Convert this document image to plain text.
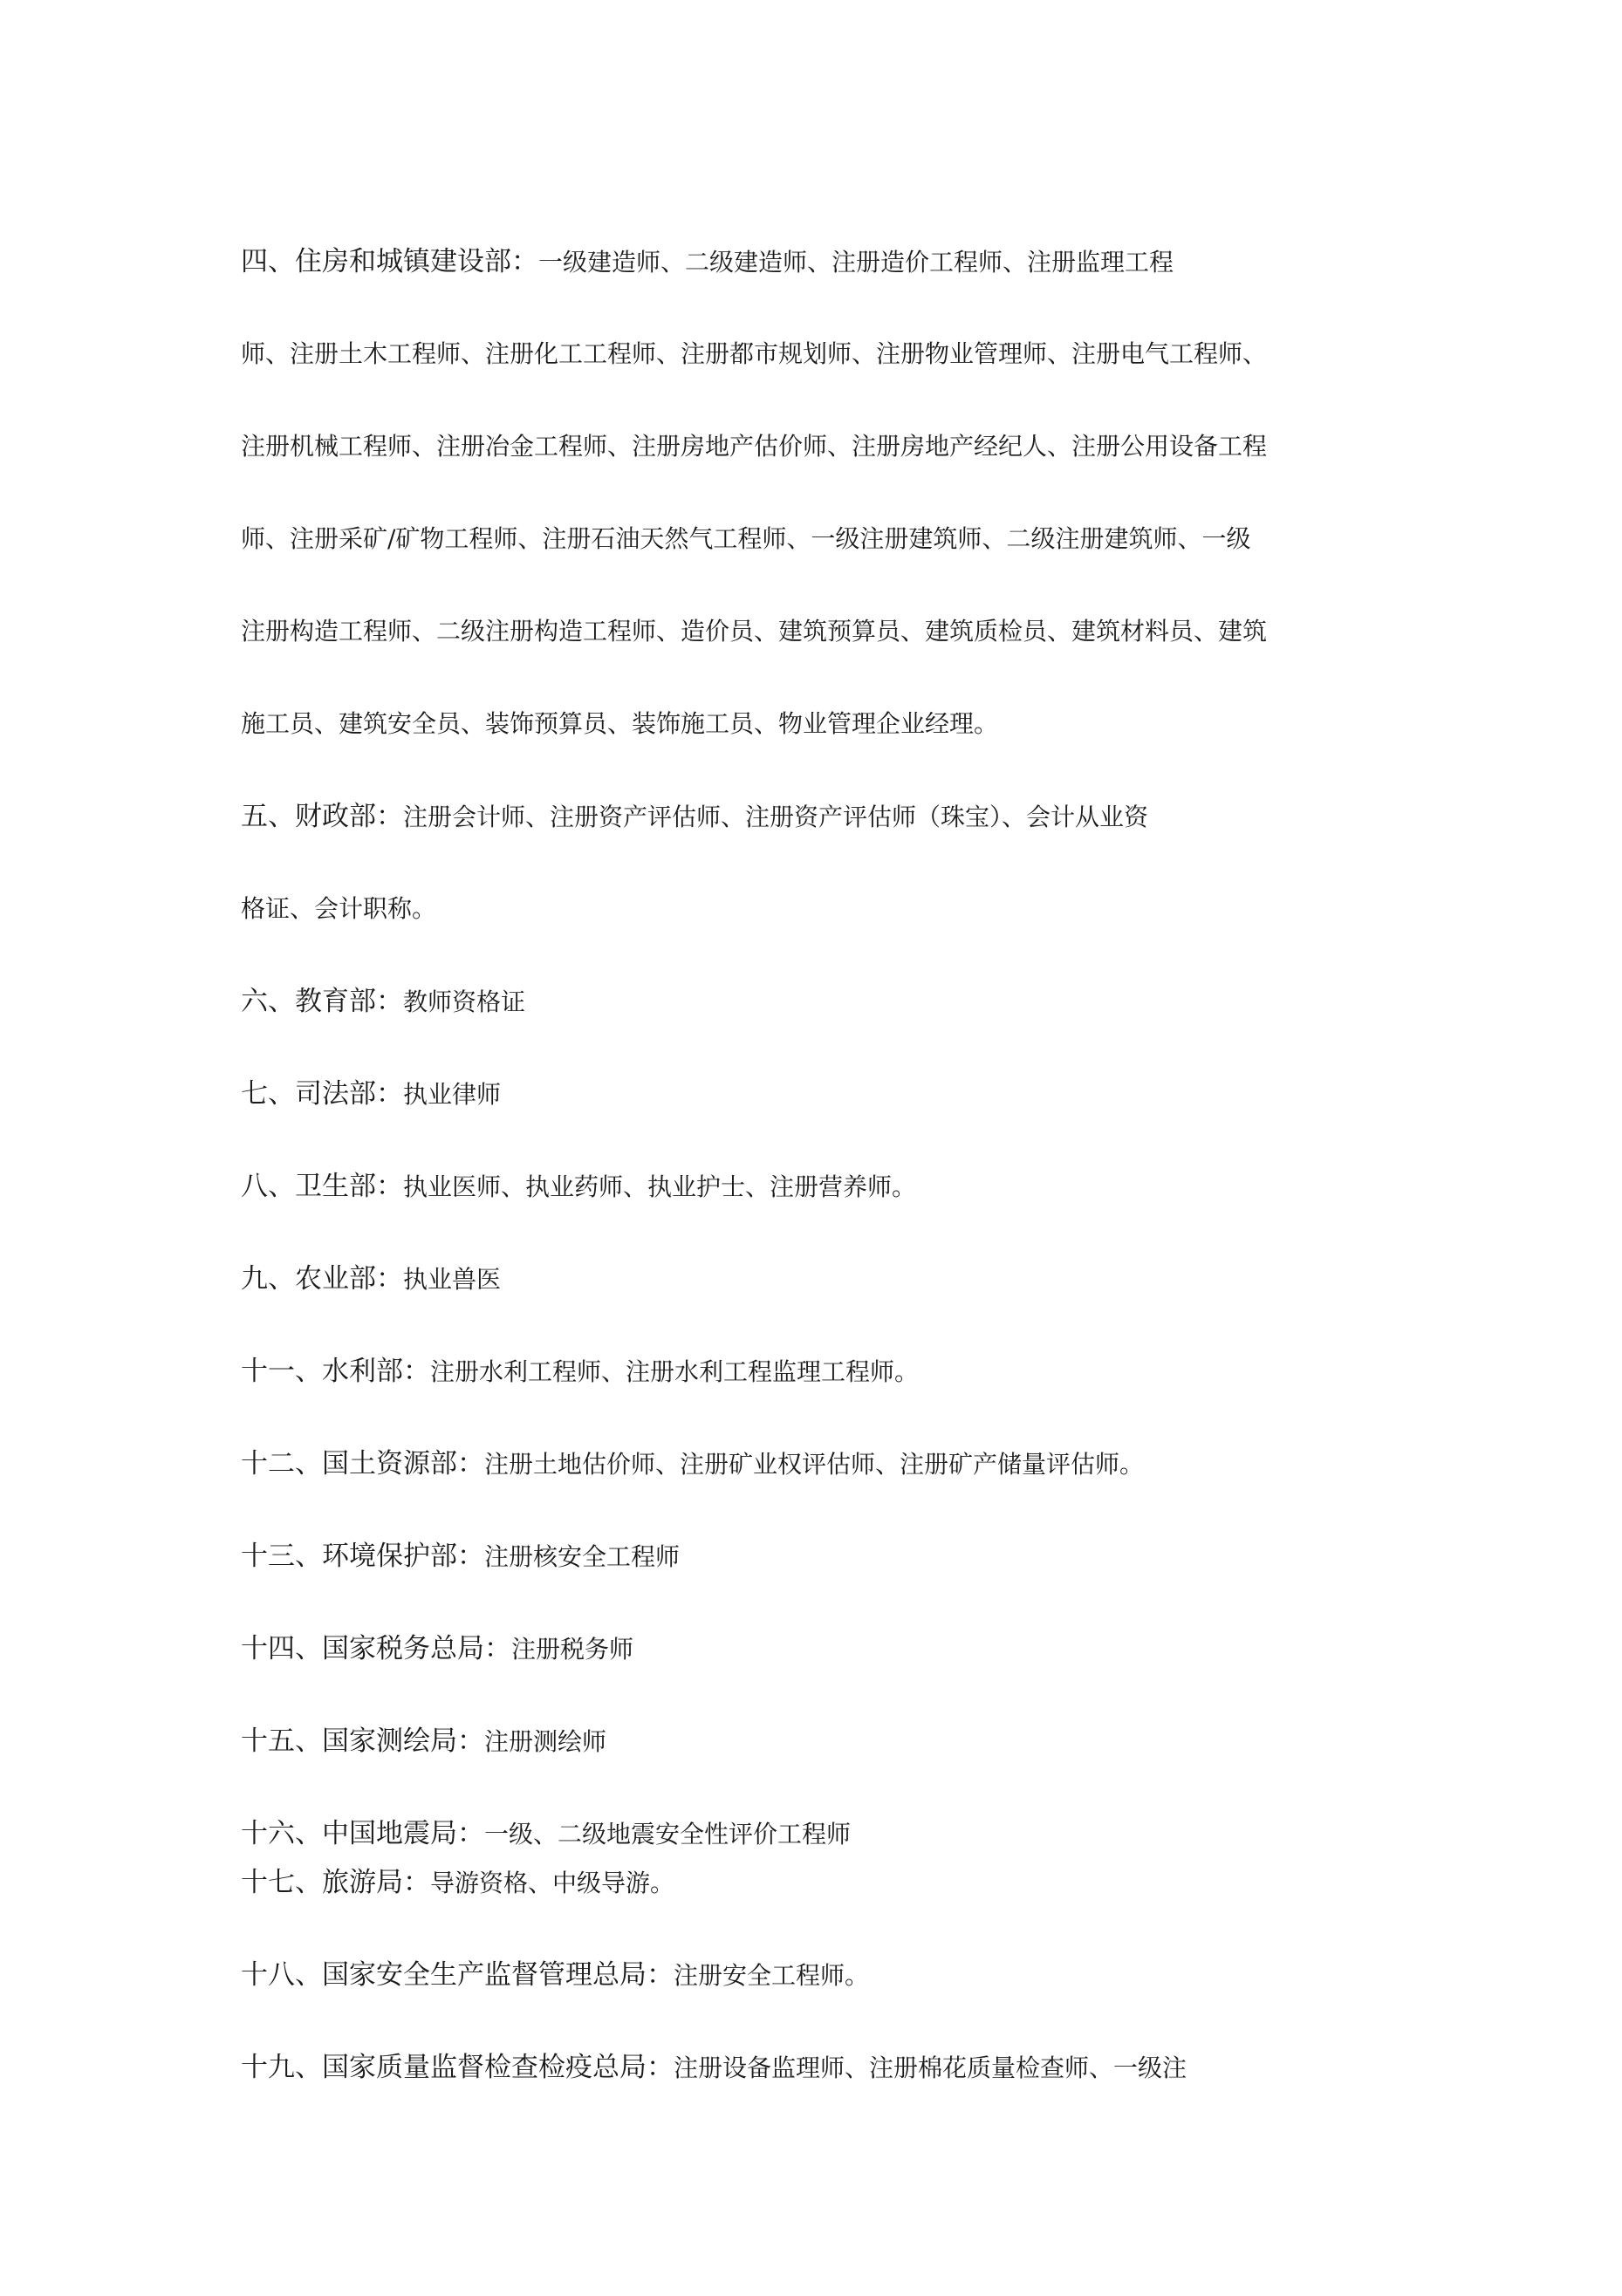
四、住房和城镇建设部：一级建造师、二级建造师、注册造价工程师、注册监理工程
师、注册土木工程师、注册化工工程师、注册都市规划师、注册物业管理师、注册电气工程师、
注册机械工程师、注册冶金工程师、注册房地产估价师、注册房地产经纪人、注册公用设备工程
师、注册采矿/矿物工程师、注册石油天然气工程师、一级注册建筑师、二级注册建筑师、一级
注册构造工程师、二级注册构造工程师、造价员、建筑预算员、建筑质检员、建筑材料员、建筑
施工员、建筑安全员、装饰预算员、装饰施工员、物业管理企业经理。
五、财政部：注册会计师、注册资产评估师、注册资产评估师（珠宝）、会计从业资
格证、会计职称。
六、教育部：教师资格证
七、司法部：执业律师
八、卫生部：执业医师、执业药师、执业护士、注册营养师。
九、农业部：执业兽医
十一、水利部：注册水利工程师、注册水利工程监理工程师。
十二、国土资源部：注册土地估价师、注册矿业权评估师、注册矿产储量评估师。
十三、环境保护部：注册核安全工程师
十四、国家税务总局：注册税务师
十五、国家测绘局：注册测绘师
十六、中国地震局：一级、二级地震安全性评价工程师
十七、旅游局：导游资格、中级导游。
十八、国家安全生产监督管理总局：注册安全工程师。
十九、国家质量监督检查检疫总局：注册设备监理师、注册棉花质量检查师、一级注
